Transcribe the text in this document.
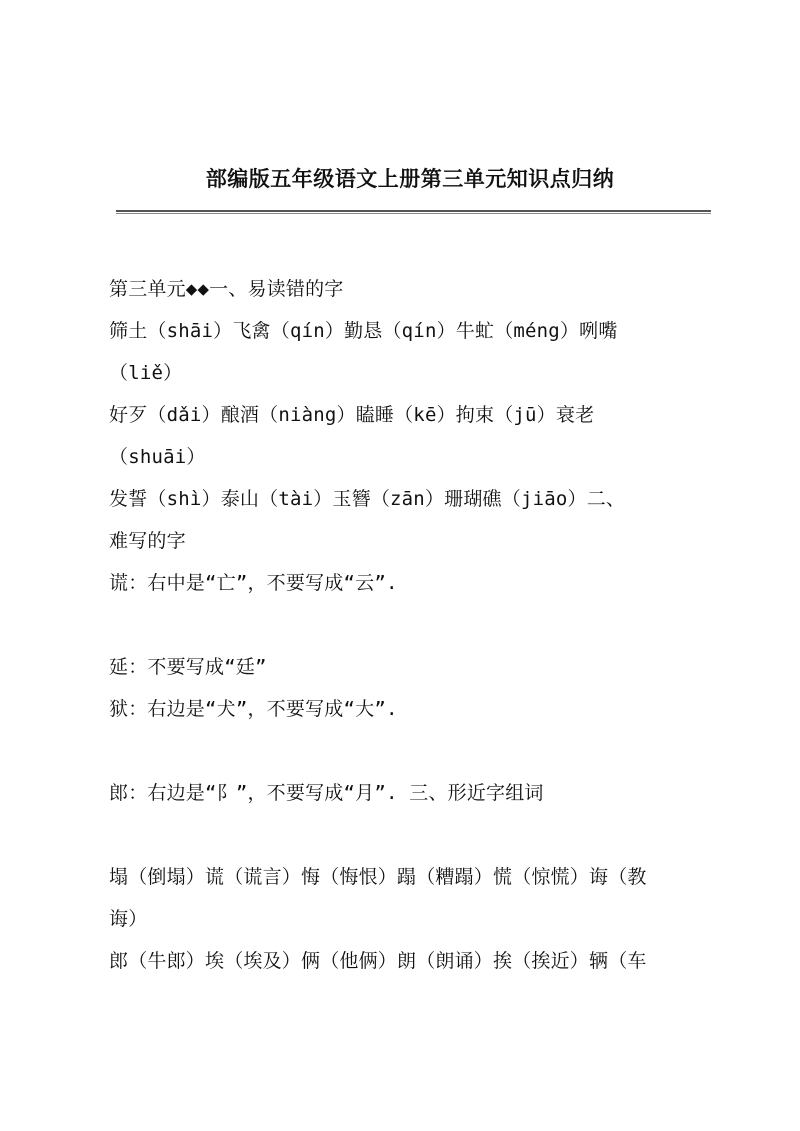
部编版五年级语文上册第三单元知识点归纳
第三单元◆◆一、易读错的字
筛土（shāi）飞禽（qín）勤恳（qín）牛虻（méng）咧嘴
（liě）
好歹（dǎi）酿酒（niàng）瞌睡（kē）拘束（jū）衰老
（shuāi）
发誓（shì）泰山（tài）玉簪（zān）珊瑚礁（jiāo）二、
难写的字
谎：右中是“亡”，不要写成“云”.
延：不要写成“廷”
狱：右边是“犬”，不要写成“大”.
郎：右边是“阝”，不要写成“月”. 三、形近字组词
塌（倒塌）谎（谎言）悔（悔恨）蹋（糟蹋）慌（惊慌）诲（教
诲）
郎（牛郎）埃（埃及）俩（他俩）朗（朗诵）挨（挨近）辆（车
